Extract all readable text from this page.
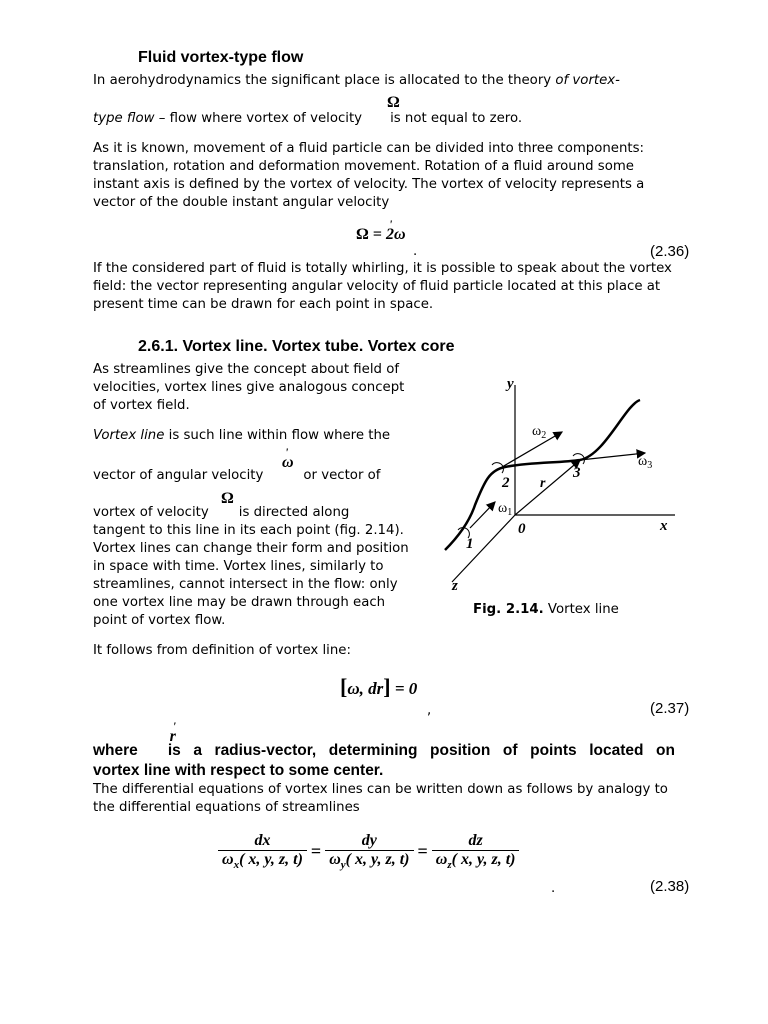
Fluid vortex-type flow
In aerohydrodynamics the significant place is allocated to the theory of vortex-
Ω
type flow – flow where vortex of velocity is not equal to zero.

As it is known, movement of a fluid particle can be divided into three components: translation, rotation and deformation movement. Rotation of a fluid around some instant axis is defined by the vortex of velocity. The vortex of velocity represents a vector of the double instant angular velocity

Ω = ' 2ω
.	(2.36)

If the considered part of fluid is totally whirling, it is possible to speak about the vortex field: the vector representing angular velocity of fluid particle located at this place at present time can be drawn for each point in space.

2.6.1. Vortex line. Vortex tube. Vortex core

As streamlines give the concept about field of velocities, vortex lines give analogous concept of vortex field.

Vortex line is such line within flow where the
' ω
vector of angular velocity	or vector of
Ω
vortex of velocity is directed along

tangent to this line in its each point (fig. 2.14). Vortex lines can change their form and position in space with time. Vortex lines, similarly to streamlines, cannot intersect in the flow: only one vortex line may be drawn through each point of vortex flow.

y
x
z
0
1
2
3
r
$\omega_1$
$\omega_2$
$\omega_3$
Fig. 2.14. Vortex line

It follows from definition of vortex line:

[ω, dr] = 0
,	(2.37)
' r
where is a radius-vector, determining position of points located on
vortex line with respect to some center.

The differential equations of vortex lines can be written down as follows by analogy to the differential equations of streamlines

$\frac{dx}{\omega_x( x, y, z, t)} = \frac{dy}{\omega_y( x, y, z, t)} = \frac{dz}{\omega_z( x, y, z, t)}$
.	(2.38)
